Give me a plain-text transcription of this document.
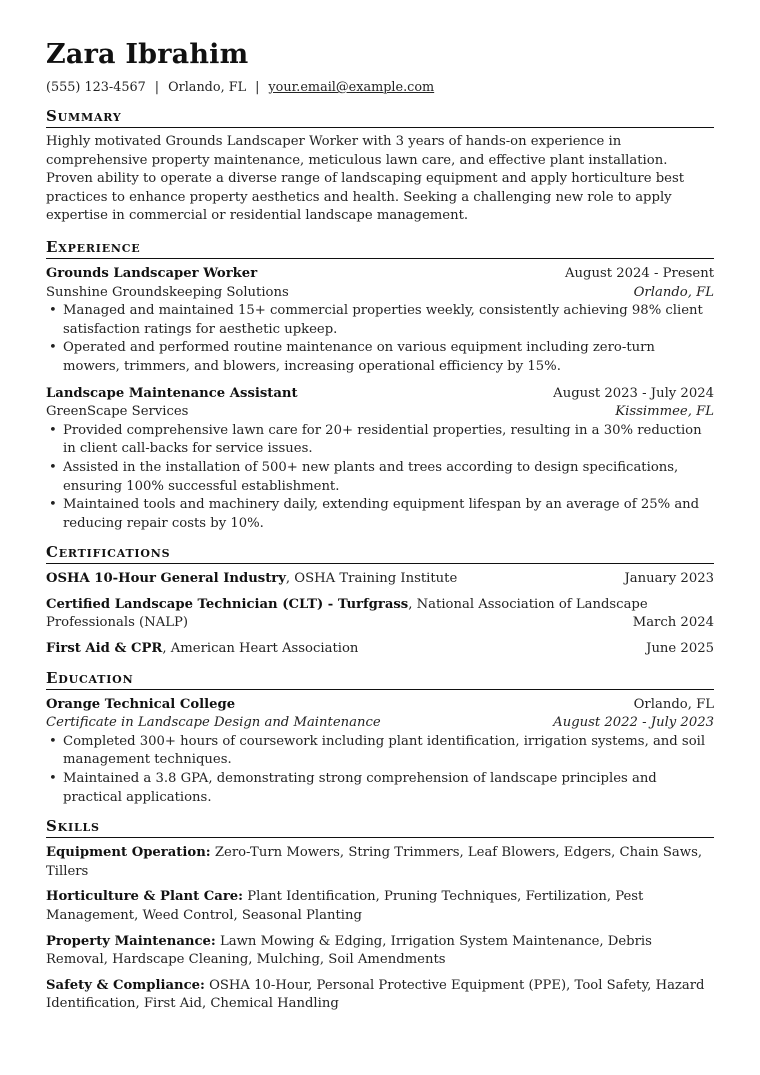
Zara Ibrahim
(555) 123-4567 | Orlando, FL | your.email@example.com
Summary

Highly motivated Grounds Landscaper Worker with 3 years of hands-on experience in comprehensive property maintenance, meticulous lawn care, and effective plant installation. Proven ability to operate a diverse range of landscaping equipment and apply horticulture best practices to enhance property aesthetics and health. Seeking a challenging new role to apply expertise in commercial or residential landscape management.

Experience
Grounds Landscaper Worker	August 2024 - Present
Sunshine Groundskeeping Solutions	Orlando, FL
• Managed and maintained 15+ commercial properties weekly, consistently achieving 98% client satisfaction ratings for aesthetic upkeep.
• Operated and performed routine maintenance on various equipment including zero-turn mowers, trimmers, and blowers, increasing operational efficiency by 15%.
Landscape Maintenance Assistant	August 2023 - July 2024
GreenScape Services	Kissimmee, FL
• Provided comprehensive lawn care for 20+ residential properties, resulting in a 30% reduction in client call-backs for service issues.
• Assisted in the installation of 500+ new plants and trees according to design specifications, ensuring 100% successful establishment.
• Maintained tools and machinery daily, extending equipment lifespan by an average of 25% and reducing repair costs by 10%.
Certifications
OSHA 10-Hour General Industry, OSHA Training Institute	January 2023
Certified Landscape Technician (CLT) - Turfgrass, National Association of Landscape Professionals (NALP)	March 2024
First Aid & CPR, American Heart Association	June 2025
Education
Orange Technical College	Orlando, FL
Certificate in Landscape Design and Maintenance	August 2022 - July 2023
• Completed 300+ hours of coursework including plant identification, irrigation systems, and soil management techniques.
• Maintained a 3.8 GPA, demonstrating strong comprehension of landscape principles and practical applications.
Skills
Equipment Operation: Zero-Turn Mowers, String Trimmers, Leaf Blowers, Edgers, Chain Saws, Tillers
Horticulture & Plant Care: Plant Identification, Pruning Techniques, Fertilization, Pest Management, Weed Control, Seasonal Planting
Property Maintenance: Lawn Mowing & Edging, Irrigation System Maintenance, Debris Removal, Hardscape Cleaning, Mulching, Soil Amendments
Safety & Compliance: OSHA 10-Hour, Personal Protective Equipment (PPE), Tool Safety, Hazard Identification, First Aid, Chemical Handling
